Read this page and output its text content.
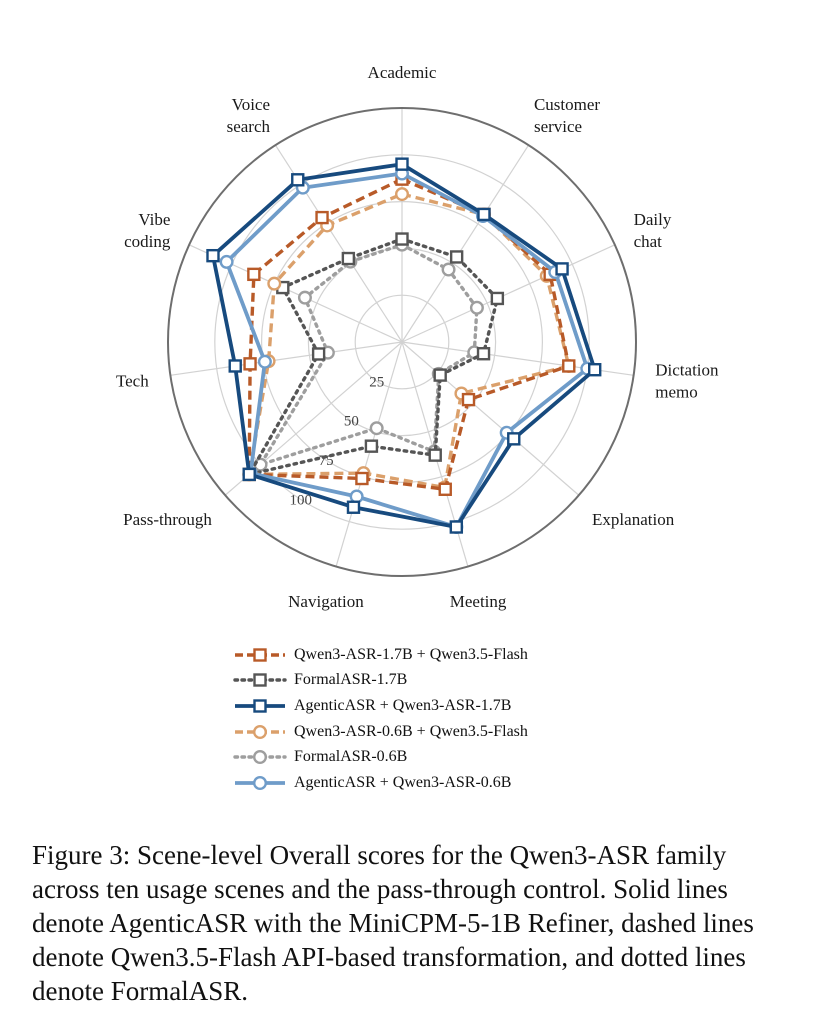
25
50
75
100
Academic
Customer service
Daily chat
Dictation memo
Explanation
Meeting
Navigation
Pass-through
Tech
Vibe coding
Voice search
Qwen3-ASR-1.7B + Qwen3.5-Flash
FormalASR-1.7B
AgenticASR + Qwen3-ASR-1.7B
Qwen3-ASR-0.6B + Qwen3.5-Flash
FormalASR-0.6B
AgenticASR + Qwen3-ASR-0.6B
Figure 3: Scene-level Overall scores for the Qwen3-ASR family across ten usage scenes and the pass-through control. Solid lines denote AgenticASR with the MiniCPM-5-1B Refiner, dashed lines denote Qwen3.5-Flash API-based transformation, and dotted lines denote FormalASR.
